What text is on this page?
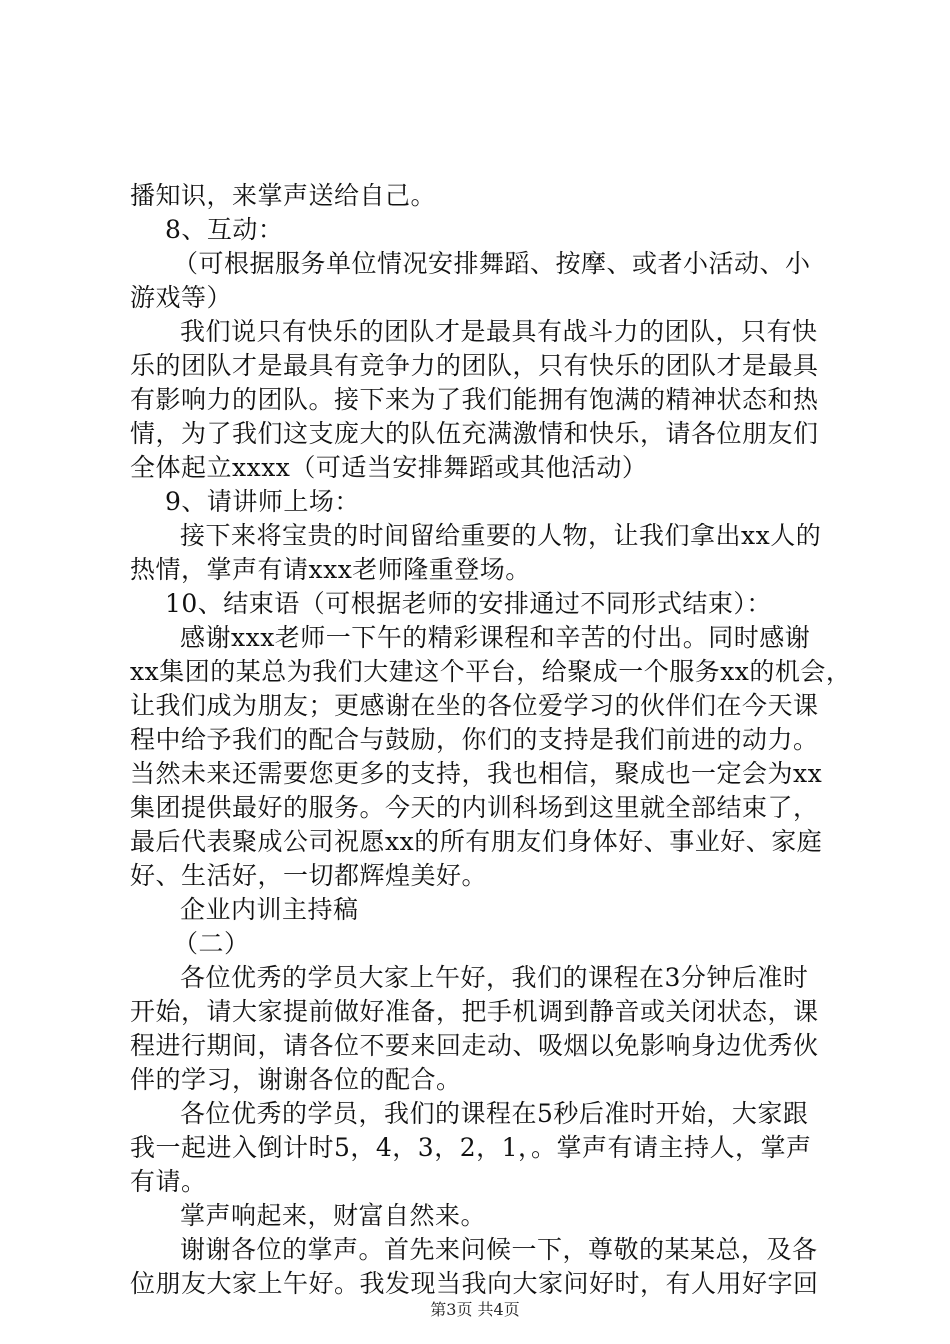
播知识，来掌声送给自己。
8、互动：
（可根据服务单位情况安排舞蹈、按摩、或者小活动、小
游戏等）
我们说只有快乐的团队才是最具有战斗力的团队，只有快
乐的团队才是最具有竞争力的团队，只有快乐的团队才是最具
有影响力的团队。接下来为了我们能拥有饱满的精神状态和热
情，为了我们这支庞大的队伍充满激情和快乐，请各位朋友们
全体起立xxxx（可适当安排舞蹈或其他活动）
9、请讲师上场：
接下来将宝贵的时间留给重要的人物，让我们拿出xx人的
热情，掌声有请xxx老师隆重登场。
10、结束语（可根据老师的安排通过不同形式结束）：
感谢xxx老师一下午的精彩课程和辛苦的付出。同时感谢
xx集团的某总为我们大建这个平台，给聚成一个服务xx的机会，
让我们成为朋友；更感谢在坐的各位爱学习的伙伴们在今天课
程中给予我们的配合与鼓励，你们的支持是我们前进的动力。
当然未来还需要您更多的支持，我也相信，聚成也一定会为xx
集团提供最好的服务。今天的内训科场到这里就全部结束了，
最后代表聚成公司祝愿xx的所有朋友们身体好、事业好、家庭
好、生活好，一切都辉煌美好。
企业内训主持稿
（二）
各位优秀的学员大家上午好，我们的课程在3分钟后准时
开始，请大家提前做好准备，把手机调到静音或关闭状态，课
程进行期间，请各位不要来回走动、吸烟以免影响身边优秀伙
伴的学习，谢谢各位的配合。
各位优秀的学员，我们的课程在5秒后准时开始，大家跟
我一起进入倒计时5，4，3，2，1，。掌声有请主持人，掌声
有请。
掌声响起来，财富自然来。
谢谢各位的掌声。首先来问候一下，尊敬的某某总，及各
位朋友大家上午好。我发现当我向大家问好时，有人用好字回
第3页 共4页
